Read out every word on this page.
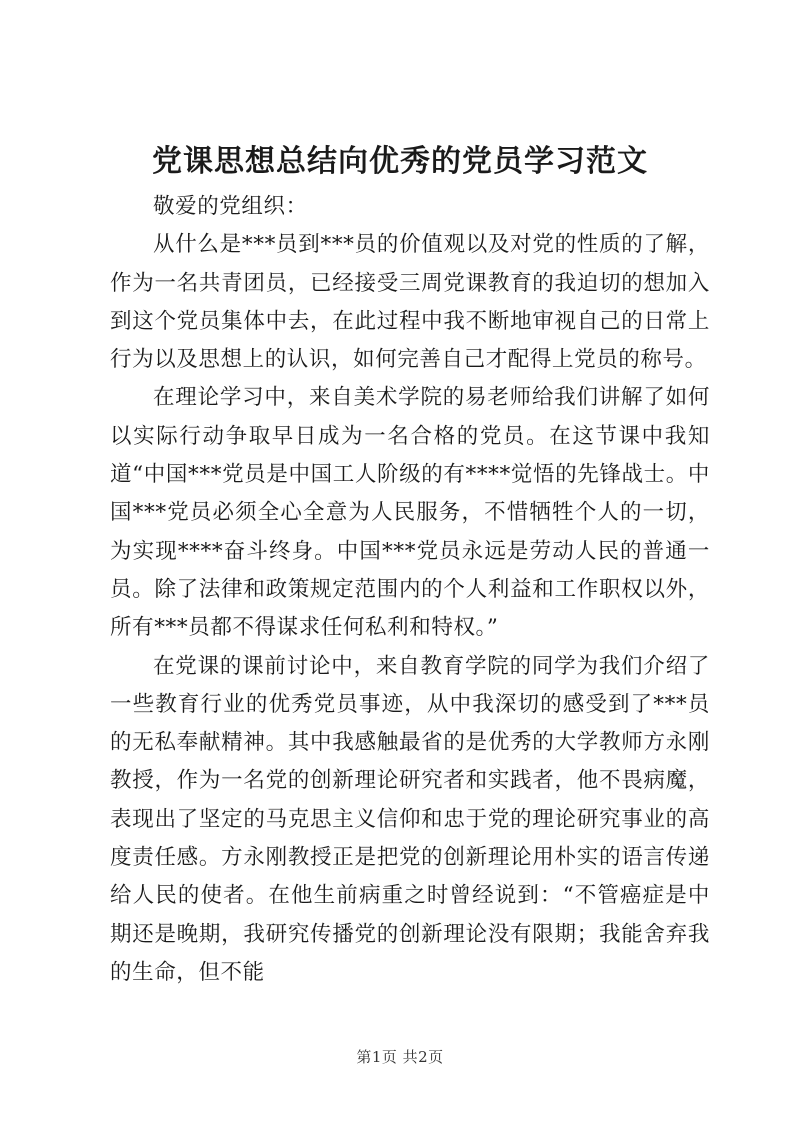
党课思想总结向优秀的党员学习范文

敬爱的党组织：

从什么是***员到***员的价值观以及对党的性质的了解，作为一名共青团员，已经接受三周党课教育的我迫切的想加入到这个党员集体中去，在此过程中我不断地审视自己的日常上行为以及思想上的认识，如何完善自己才配得上党员的称号。

在理论学习中，来自美术学院的易老师给我们讲解了如何以实际行动争取早日成为一名合格的党员。在这节课中我知道“中国***党员是中国工人阶级的有****觉悟的先锋战士。中国***党员必须全心全意为人民服务，不惜牺牲个人的一切，为实现****奋斗终身。中国***党员永远是劳动人民的普通一员。除了法律和政策规定范围内的个人利益和工作职权以外，所有***员都不得谋求任何私利和特权。”

在党课的课前讨论中，来自教育学院的同学为我们介绍了一些教育行业的优秀党员事迹，从中我深切的感受到了***员的无私奉献精神。其中我感触最省的是优秀的大学教师方永刚教授，作为一名党的创新理论研究者和实践者，他不畏病魔，表现出了坚定的马克思主义信仰和忠于党的理论研究事业的高度责任感。方永刚教授正是把党的创新理论用朴实的语言传递给人民的使者。在他生前病重之时曾经说到：“不管癌症是中期还是晚期，我研究传播党的创新理论没有限期；我能舍弃我的生命，但不能

第1页 共2页
